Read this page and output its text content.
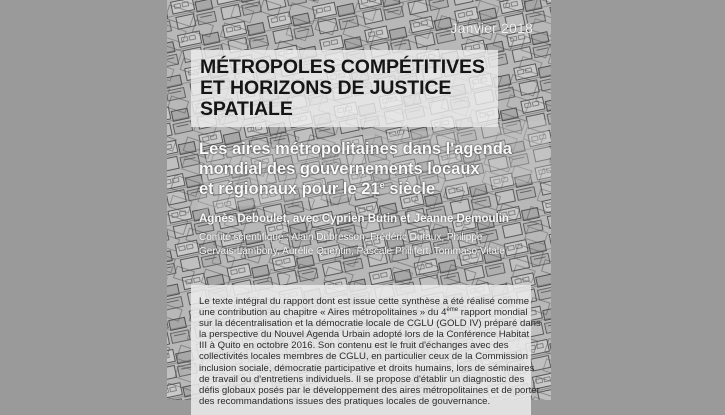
Janvier 2018
MÉTROPOLES COMPÉTITIVES
ET HORIZONS DE JUSTICE
SPATIALE
Les aires métropolitaines dans l'agenda
mondial des gouvernements locaux
et régionaux pour le 21e siècle
Agnès Deboulet, avec Cyprien Butin et Jeanne Demoulin
Comité scientifique : Alain Dubresson, Frédéric Dufaux, Philippe
Gervais-Lambony, Aurélie Quentin, Pascale Philifert, Tommaso Vitale
Le texte intégral du rapport dont est issue cette synthèse a été réalisé comme
une contribution au chapitre « Aires métropolitaines » du 4ème rapport mondial
sur la décentralisation et la démocratie locale de CGLU (GOLD IV) préparé dans
la perspective du Nouvel Agenda Urbain adopté lors de la Conférence Habitat
III à Quito en octobre 2016. Son contenu est le fruit d'échanges avec des
collectivités locales membres de CGLU, en particulier ceux de la Commission
inclusion sociale, démocratie participative et droits humains, lors de séminaires
de travail ou d'entretiens individuels. Il se propose d'établir un diagnostic des
défis globaux posés par le développement des aires métropolitaines et de porter
des recommandations issues des pratiques locales de gouvernance.
